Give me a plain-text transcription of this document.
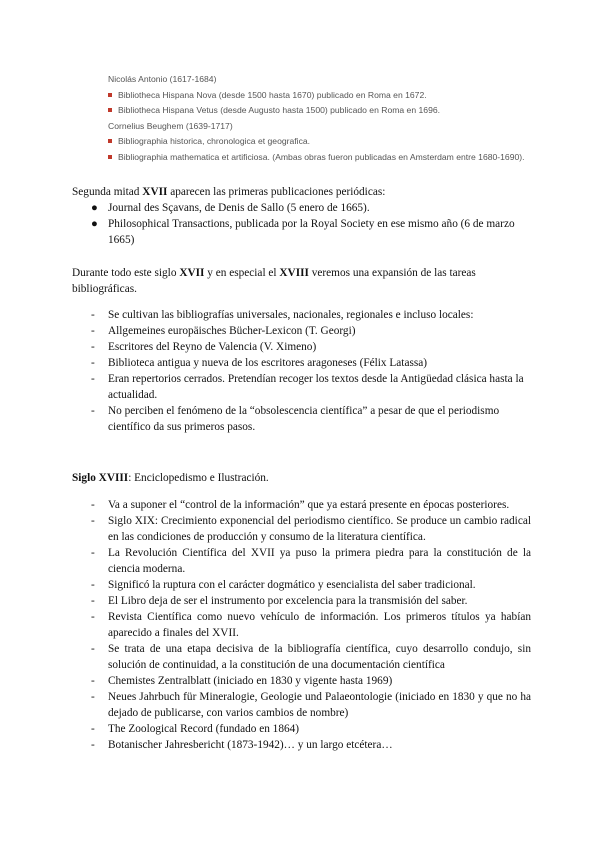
Nicolás Antonio (1617-1684)
Bibliotheca Hispana Nova (desde 1500 hasta 1670) publicado en Roma en 1672.
Bibliotheca Hispana Vetus (desde Augusto hasta 1500) publicado en Roma en 1696.
Cornelius Beughem (1639-1717)
Bibliographia historica, chronologica et geografica.
Bibliographia mathematica et artificiosa. (Ambas obras fueron publicadas en Amsterdam entre 1680-1690).

Segunda mitad XVII aparecen las primeras publicaciones periódicas:

● Journal des Sçavans, de Denis de Sallo (5 enero de 1665).
● Philosophical Transactions, publicada por la Royal Society en ese mismo año (6 de marzo 1665)

Durante todo este siglo XVII y en especial el XVIII veremos una expansión de las tareas bibliográficas.

- Se cultivan las bibliografías universales, nacionales, regionales e incluso locales:
- Allgemeines europäisches Bücher-Lexicon (T. Georgi)
- Escritores del Reyno de Valencia (V. Ximeno)
- Biblioteca antigua y nueva de los escritores aragoneses (Félix Latassa)
- Eran repertorios cerrados. Pretendían recoger los textos desde la Antigüedad clásica hasta la actualidad.
- No perciben el fenómeno de la “obsolescencia científica” a pesar de que el periodismo científico da sus primeros pasos.

Siglo XVIII: Enciclopedismo e Ilustración.

- Va a suponer el “control de la información” que ya estará presente en épocas posteriores.
- Siglo XIX: Crecimiento exponencial del periodismo científico. Se produce un cambio radical en las condiciones de producción y consumo de la literatura científica.
- La Revolución Científica del XVII ya puso la primera piedra para la constitución de la ciencia moderna.
- Significó la ruptura con el carácter dogmático y esencialista del saber tradicional.
- El Libro deja de ser el instrumento por excelencia para la transmisión del saber.
- Revista Científica como nuevo vehículo de información. Los primeros títulos ya habían aparecido a finales del XVII.
- Se trata de una etapa decisiva de la bibliografía científica, cuyo desarrollo condujo, sin solución de continuidad, a la constitución de una documentación científica
- Chemistes Zentralblatt (iniciado en 1830 y vigente hasta 1969)
- Neues Jahrbuch für Mineralogie, Geologie und Palaeontologie (iniciado en 1830 y que no ha dejado de publicarse, con varios cambios de nombre)
- The Zoological Record (fundado en 1864)
- Botanischer Jahresbericht (1873-1942)… y un largo etcétera…
